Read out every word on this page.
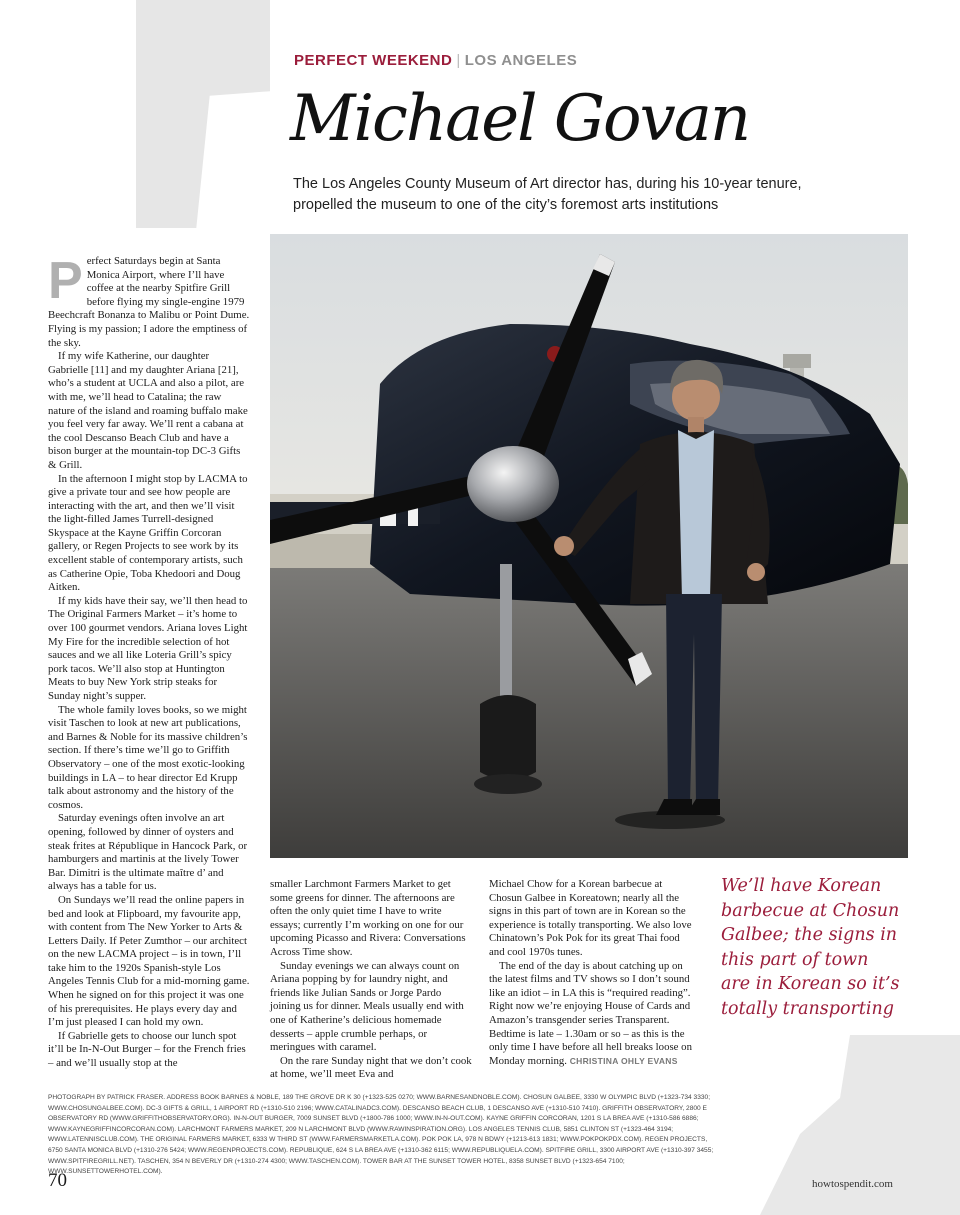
PERFECT WEEKEND | LOS ANGELES
Michael Govan
The Los Angeles County Museum of Art director has, during his 10-year tenure, propelled the museum to one of the city’s foremost arts institutions

Perfect Saturdays begin at Santa Monica Airport, where I’ll have coffee at the nearby Spitfire Grill before flying my single-engine 1979 Beechcraft Bonanza to Malibu or Point Dume. Flying is my passion; I adore the emptiness of the sky.

If my wife Katherine, our daughter Gabrielle [11] and my daughter Ariana [21], who’s a student at UCLA and also a pilot, are with me, we’ll head to Catalina; the raw nature of the island and roaming buffalo make you feel very far away. We’ll rent a cabana at the cool Descanso Beach Club and have a bison burger at the mountain-top DC-3 Gifts & Grill.

In the afternoon I might stop by LACMA to give a private tour and see how people are interacting with the art, and then we’ll visit the light-filled James Turrell-designed Skyspace at the Kayne Griffin Corcoran gallery, or Regen Projects to see work by its excellent stable of contemporary artists, such as Catherine Opie, Toba Khedoori and Doug Aitken.

If my kids have their say, we’ll then head to The Original Farmers Market – it’s home to over 100 gourmet vendors. Ariana loves Light My Fire for the incredible selection of hot sauces and we all like Loteria Grill’s spicy pork tacos. We’ll also stop at Huntington Meats to buy New York strip steaks for Sunday night’s supper.

The whole family loves books, so we might visit Taschen to look at new art publications, and Barnes & Noble for its massive children’s section. If there’s time we’ll go to Griffith Observatory – one of the most exotic-looking buildings in LA – to hear director Ed Krupp talk about astronomy and the history of the cosmos.

Saturday evenings often involve an art opening, followed by dinner of oysters and steak frites at République in Hancock Park, or hamburgers and martinis at the lively Tower Bar. Dimitri is the ultimate maître d’ and always has a table for us.

On Sundays we’ll read the online papers in bed and look at Flipboard, my favourite app, with content from The New Yorker to Arts & Letters Daily. If Peter Zumthor – our architect on the new LACMA project – is in town, I’ll take him to the 1920s Spanish-style Los Angeles Tennis Club for a mid-morning game. When he signed on for this project it was one of his prerequisites. He plays every day and I’m just pleased I can hold my own.

If Gabrielle gets to choose our lunch spot it’ll be In-N-Out Burger – for the French fries – and we’ll usually stop at the

smaller Larchmont Farmers Market to get some greens for dinner. The afternoons are often the only quiet time I have to write essays; currently I’m working on one for our upcoming Picasso and Rivera: Conversations Across Time show.

Sunday evenings we can always count on Ariana popping by for laundry night, and friends like Julian Sands or Jorge Pardo joining us for dinner. Meals usually end with one of Katherine’s delicious homemade desserts – apple crumble perhaps, or meringues with caramel.

On the rare Sunday night that we don’t cook at home, we’ll meet Eva and

Michael Chow for a Korean barbecue at Chosun Galbee in Koreatown; nearly all the signs in this part of town are in Korean so the experience is totally transporting. We also love Chinatown’s Pok Pok for its great Thai food and cool 1970s tunes.

The end of the day is about catching up on the latest films and TV shows so I don’t sound like an idiot – in LA this is “required reading”. Right now we’re enjoying House of Cards and Amazon’s transgender series Transparent. Bedtime is late – 1.30am or so – as this is the only time I have before all hell breaks loose on Monday morning. CHRISTINA OHLY EVANS

We’ll have Korean barbecue at Chosun Galbee; the signs in this part of town are in Korean so it’s totally transporting
PHOTOGRAPH BY PATRICK FRASER. ADDRESS BOOK BARNES & NOBLE, 189 THE GROVE DR K 30 (+1323-525 0270; WWW.BARNESANDNOBLE.COM). CHOSUN GALBEE, 3330 W OLYMPIC BLVD (+1323-734 3330; WWW.CHOSUNGALBEE.COM). DC-3 GIFTS & GRILL, 1 AIRPORT RD (+1310-510 2196; WWW.CATALINADC3.COM). DESCANSO BEACH CLUB, 1 DESCANSO AVE (+1310-510 7410). GRIFFITH OBSERVATORY, 2800 E OBSERVATORY RD (WWW.GRIFFITHOBSERVATORY.ORG). IN-N-OUT BURGER, 7009 SUNSET BLVD (+1800-786 1000; WWW.IN-N-OUT.COM). KAYNE GRIFFIN CORCORAN, 1201 S LA BREA AVE (+1310-586 6886; WWW.KAYNEGRIFFINCORCORAN.COM). LARCHMONT FARMERS MARKET, 209 N LARCHMONT BLVD (WWW.RAWINSPIRATION.ORG). LOS ANGELES TENNIS CLUB, 5851 CLINTON ST (+1323-464 3194; WWW.LATENNISCLUB.COM). THE ORIGINAL FARMERS MARKET, 6333 W THIRD ST (WWW.FARMERSMARKETLA.COM). POK POK LA, 978 N BDWY (+1213-613 1831; WWW.POKPOKPDX.COM). REGEN PROJECTS, 6750 SANTA MONICA BLVD (+1310-276 5424; WWW.REGENPROJECTS.COM). REPUBLIQUE, 624 S LA BREA AVE (+1310-362 6115; WWW.REPUBLIQUELA.COM). SPITFIRE GRILL, 3300 AIRPORT AVE (+1310-397 3455; WWW.SPITFIREGRILL.NET). TASCHEN, 354 N BEVERLY DR (+1310-274 4300; WWW.TASCHEN.COM). TOWER BAR AT THE SUNSET TOWER HOTEL, 8358 SUNSET BLVD (+1323-654 7100; WWW.SUNSETTOWERHOTEL.COM).
70	howtospendit.com
